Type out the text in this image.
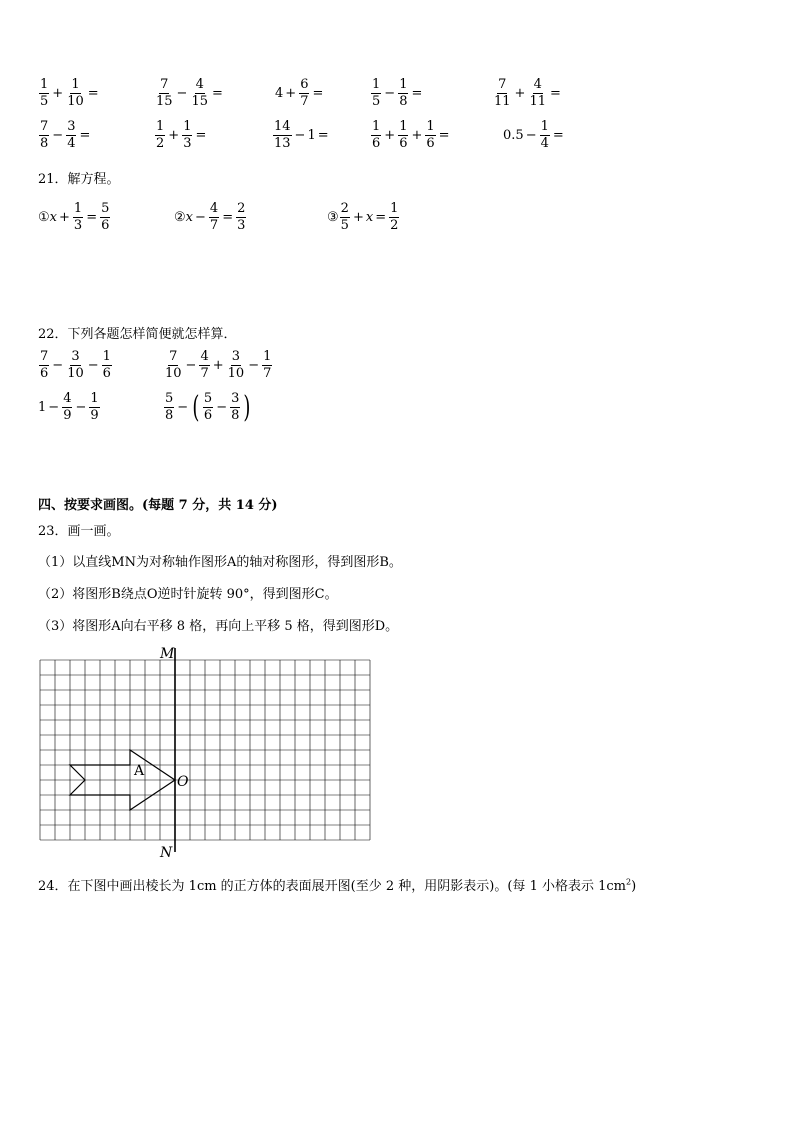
$\frac{1}{5} + \frac{1}{10}$ =	$\frac{7}{15} - \frac{4}{15}$ =	$4 + \frac{6}{7}$ =	$\frac{1}{5} - \frac{1}{8}$ =	$\frac{7}{11} + \frac{4}{11}$ =
$\frac{7}{8} - \frac{3}{4}$ =	$\frac{1}{2} + \frac{1}{3}$ =	$\frac{14}{13} - 1$ =	$\frac{1}{6} + \frac{1}{6} + \frac{1}{6}$ =	$0.5 - \frac{1}{4}$ =
21．解方程。
① $x + \frac{1}{3} = \frac{5}{6}$	② $x - \frac{4}{7} = \frac{2}{3}$	③ $\frac{2}{5} + x = \frac{1}{2}$
22．下列各题怎样简便就怎样算．
$\frac{7}{6} - \frac{3}{10} - \frac{1}{6}$	$\frac{7}{10} - \frac{4}{7} + \frac{3}{10} - \frac{1}{7}$
$1 - \frac{4}{9} - \frac{1}{9}$	$\frac{5}{8}$ − ( $\frac{5}{6} - \frac{3}{8}$ )
四、按要求画图。(每题 7 分，共 14 分)
23．画一画。
（1）以直线MN为对称轴作图形A的轴对称图形，得到图形B。
（2）将图形B绕点O逆时针旋转 90°，得到图形C。
（3）将图形A向右平移 8 格，再向上平移 5 格，得到图形D。
M
N
O
A
24．在下图中画出棱长为 1cm 的正方体的表面展开图(至少 2 种，用阴影表示)。(每 1 小格表示 $1cm^2$)
